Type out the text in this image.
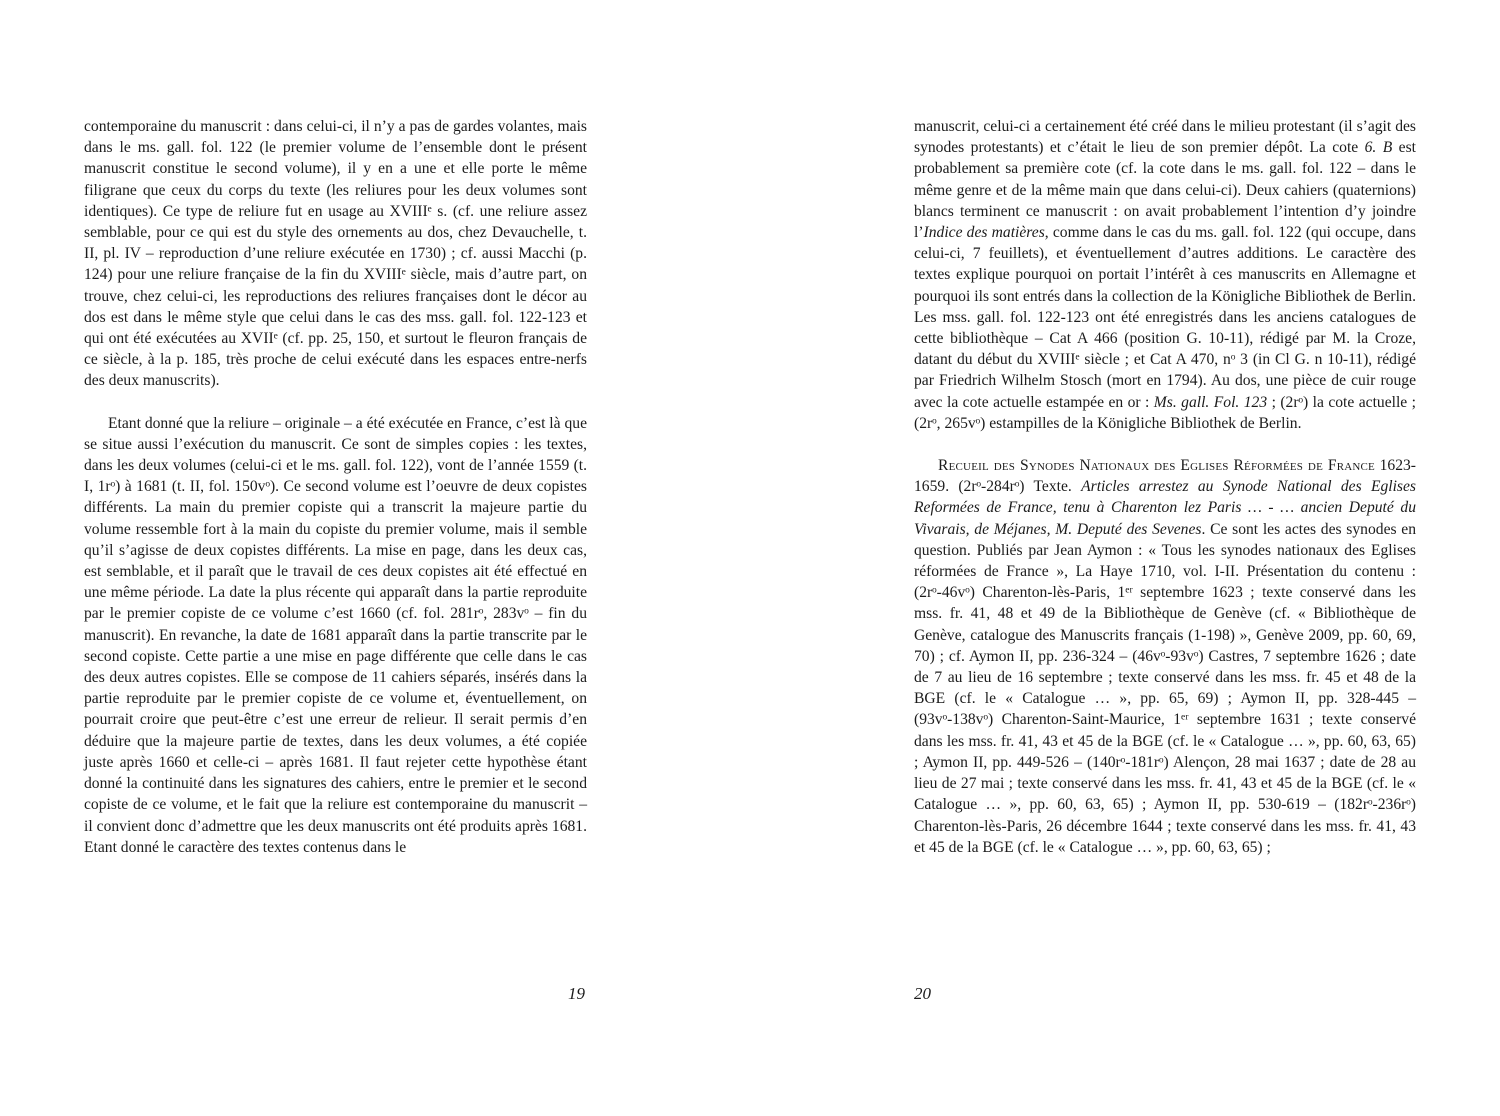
contemporaine du manuscrit : dans celui-ci, il n’y a pas de gardes volantes, mais dans le ms. gall. fol. 122 (le premier volume de l’ensemble dont le présent manuscrit constitue le second volume), il y en a une et elle porte le même filigrane que ceux du corps du texte (les reliures pour les deux volumes sont identiques). Ce type de reliure fut en usage au XVIIIᵉ s. (cf. une reliure assez semblable, pour ce qui est du style des ornements au dos, chez Devauchelle, t. II, pl. IV – reproduction d’une reliure exécutée en 1730) ; cf. aussi Macchi (p. 124) pour une reliure française de la fin du XVIIIᵉ siècle, mais d’autre part, on trouve, chez celui-ci, les reproductions des reliures françaises dont le décor au dos est dans le même style que celui dans le cas des mss. gall. fol. 122-123 et qui ont été exécutées au XVIIᵉ (cf. pp. 25, 150, et surtout le fleuron français de ce siècle, à la p. 185, très proche de celui exécuté dans les espaces entre-nerfs des deux manuscrits).

Etant donné que la reliure – originale – a été exécutée en France, c’est là que se situe aussi l’exécution du manuscrit. Ce sont de simples copies : les textes, dans les deux volumes (celui-ci et le ms. gall. fol. 122), vont de l’année 1559 (t. I, 1rᵒ) à 1681 (t. II, fol. 150vᵒ). Ce second volume est l’oeuvre de deux copistes différents. La main du premier copiste qui a transcrit la majeure partie du volume ressemble fort à la main du copiste du premier volume, mais il semble qu’il s’agisse de deux copistes différents. La mise en page, dans les deux cas, est semblable, et il paraît que le travail de ces deux copistes ait été effectué en une même période. La date la plus récente qui apparaît dans la partie reproduite par le premier copiste de ce volume c’est 1660 (cf. fol. 281rᵒ, 283vᵒ – fin du manuscrit). En revanche, la date de 1681 apparaît dans la partie transcrite par le second copiste. Cette partie a une mise en page différente que celle dans le cas des deux autres copistes. Elle se compose de 11 cahiers séparés, insérés dans la partie reproduite par le premier copiste de ce volume et, éventuellement, on pourrait croire que peut-être c’est une erreur de relieur. Il serait permis d’en déduire que la majeure partie de textes, dans les deux volumes, a été copiée juste après 1660 et celle-ci – après 1681. Il faut rejeter cette hypothèse étant donné la continuité dans les signatures des cahiers, entre le premier et le second copiste de ce volume, et le fait que la reliure est contemporaine du manuscrit – il convient donc d’admettre que les deux manuscrits ont été produits après 1681. Etant donné le caractère des textes contenus dans le

19

manuscrit, celui-ci a certainement été créé dans le milieu protestant (il s’agit des synodes protestants) et c’était le lieu de son premier dépôt. La cote 6. B est probablement sa première cote (cf. la cote dans le ms. gall. fol. 122 – dans le même genre et de la même main que dans celui-ci). Deux cahiers (quaternions) blancs terminent ce manuscrit : on avait probablement l’intention d’y joindre l’Indice des matières, comme dans le cas du ms. gall. fol. 122 (qui occupe, dans celui-ci, 7 feuillets), et éventuellement d’autres additions. Le caractère des textes explique pourquoi on portait l’intérêt à ces manuscrits en Allemagne et pourquoi ils sont entrés dans la collection de la Königliche Bibliothek de Berlin. Les mss. gall. fol. 122-123 ont été enregistrés dans les anciens catalogues de cette bibliothèque – Cat A 466 (position G. 10-11), rédigé par M. la Croze, datant du début du XVIIIᵉ siècle ; et Cat A 470, nᵒ 3 (in Cl G. n 10-11), rédigé par Friedrich Wilhelm Stosch (mort en 1794). Au dos, une pièce de cuir rouge avec la cote actuelle estampée en or : Ms. gall. Fol. 123 ; (2rᵒ) la cote actuelle ; (2rᵒ, 265vᵒ) estampilles de la Königliche Bibliothek de Berlin.

Recueil des Synodes Nationaux des Eglises Réformées de France 1623-1659. (2rᵒ-284rᵒ) Texte. Articles arrestez au Synode National des Eglises Reformées de France, tenu à Charenton lez Paris … - … ancien Deputé du Vivarais, de Méjanes, M. Deputé des Sevenes. Ce sont les actes des synodes en question. Publiés par Jean Aymon : « Tous les synodes nationaux des Eglises réformées de France », La Haye 1710, vol. I-II. Présentation du contenu : (2rᵒ-46vᵒ) Charenton-lès-Paris, 1ᵉʳ septembre 1623 ; texte conservé dans les mss. fr. 41, 48 et 49 de la Bibliothèque de Genève (cf. « Bibliothèque de Genève, catalogue des Manuscrits français (1-198) », Genève 2009, pp. 60, 69, 70) ; cf. Aymon II, pp. 236-324 – (46vᵒ-93vᵒ) Castres, 7 septembre 1626 ; date de 7 au lieu de 16 septembre ; texte conservé dans les mss. fr. 45 et 48 de la BGE (cf. le « Catalogue … », pp. 65, 69) ; Aymon II, pp. 328-445 – (93vᵒ-138vᵒ) Charenton-Saint-Maurice, 1ᵉʳ septembre 1631 ; texte conservé dans les mss. fr. 41, 43 et 45 de la BGE (cf. le « Catalogue … », pp. 60, 63, 65) ; Aymon II, pp. 449-526 – (140rᵒ-181rᵒ) Alençon, 28 mai 1637 ; date de 28 au lieu de 27 mai ; texte conservé dans les mss. fr. 41, 43 et 45 de la BGE (cf. le « Catalogue … », pp. 60, 63, 65) ; Aymon II, pp. 530-619 – (182rᵒ-236rᵒ) Charenton-lès-Paris, 26 décembre 1644 ; texte conservé dans les mss. fr. 41, 43 et 45 de la BGE (cf. le « Catalogue … », pp. 60, 63, 65) ;

20
